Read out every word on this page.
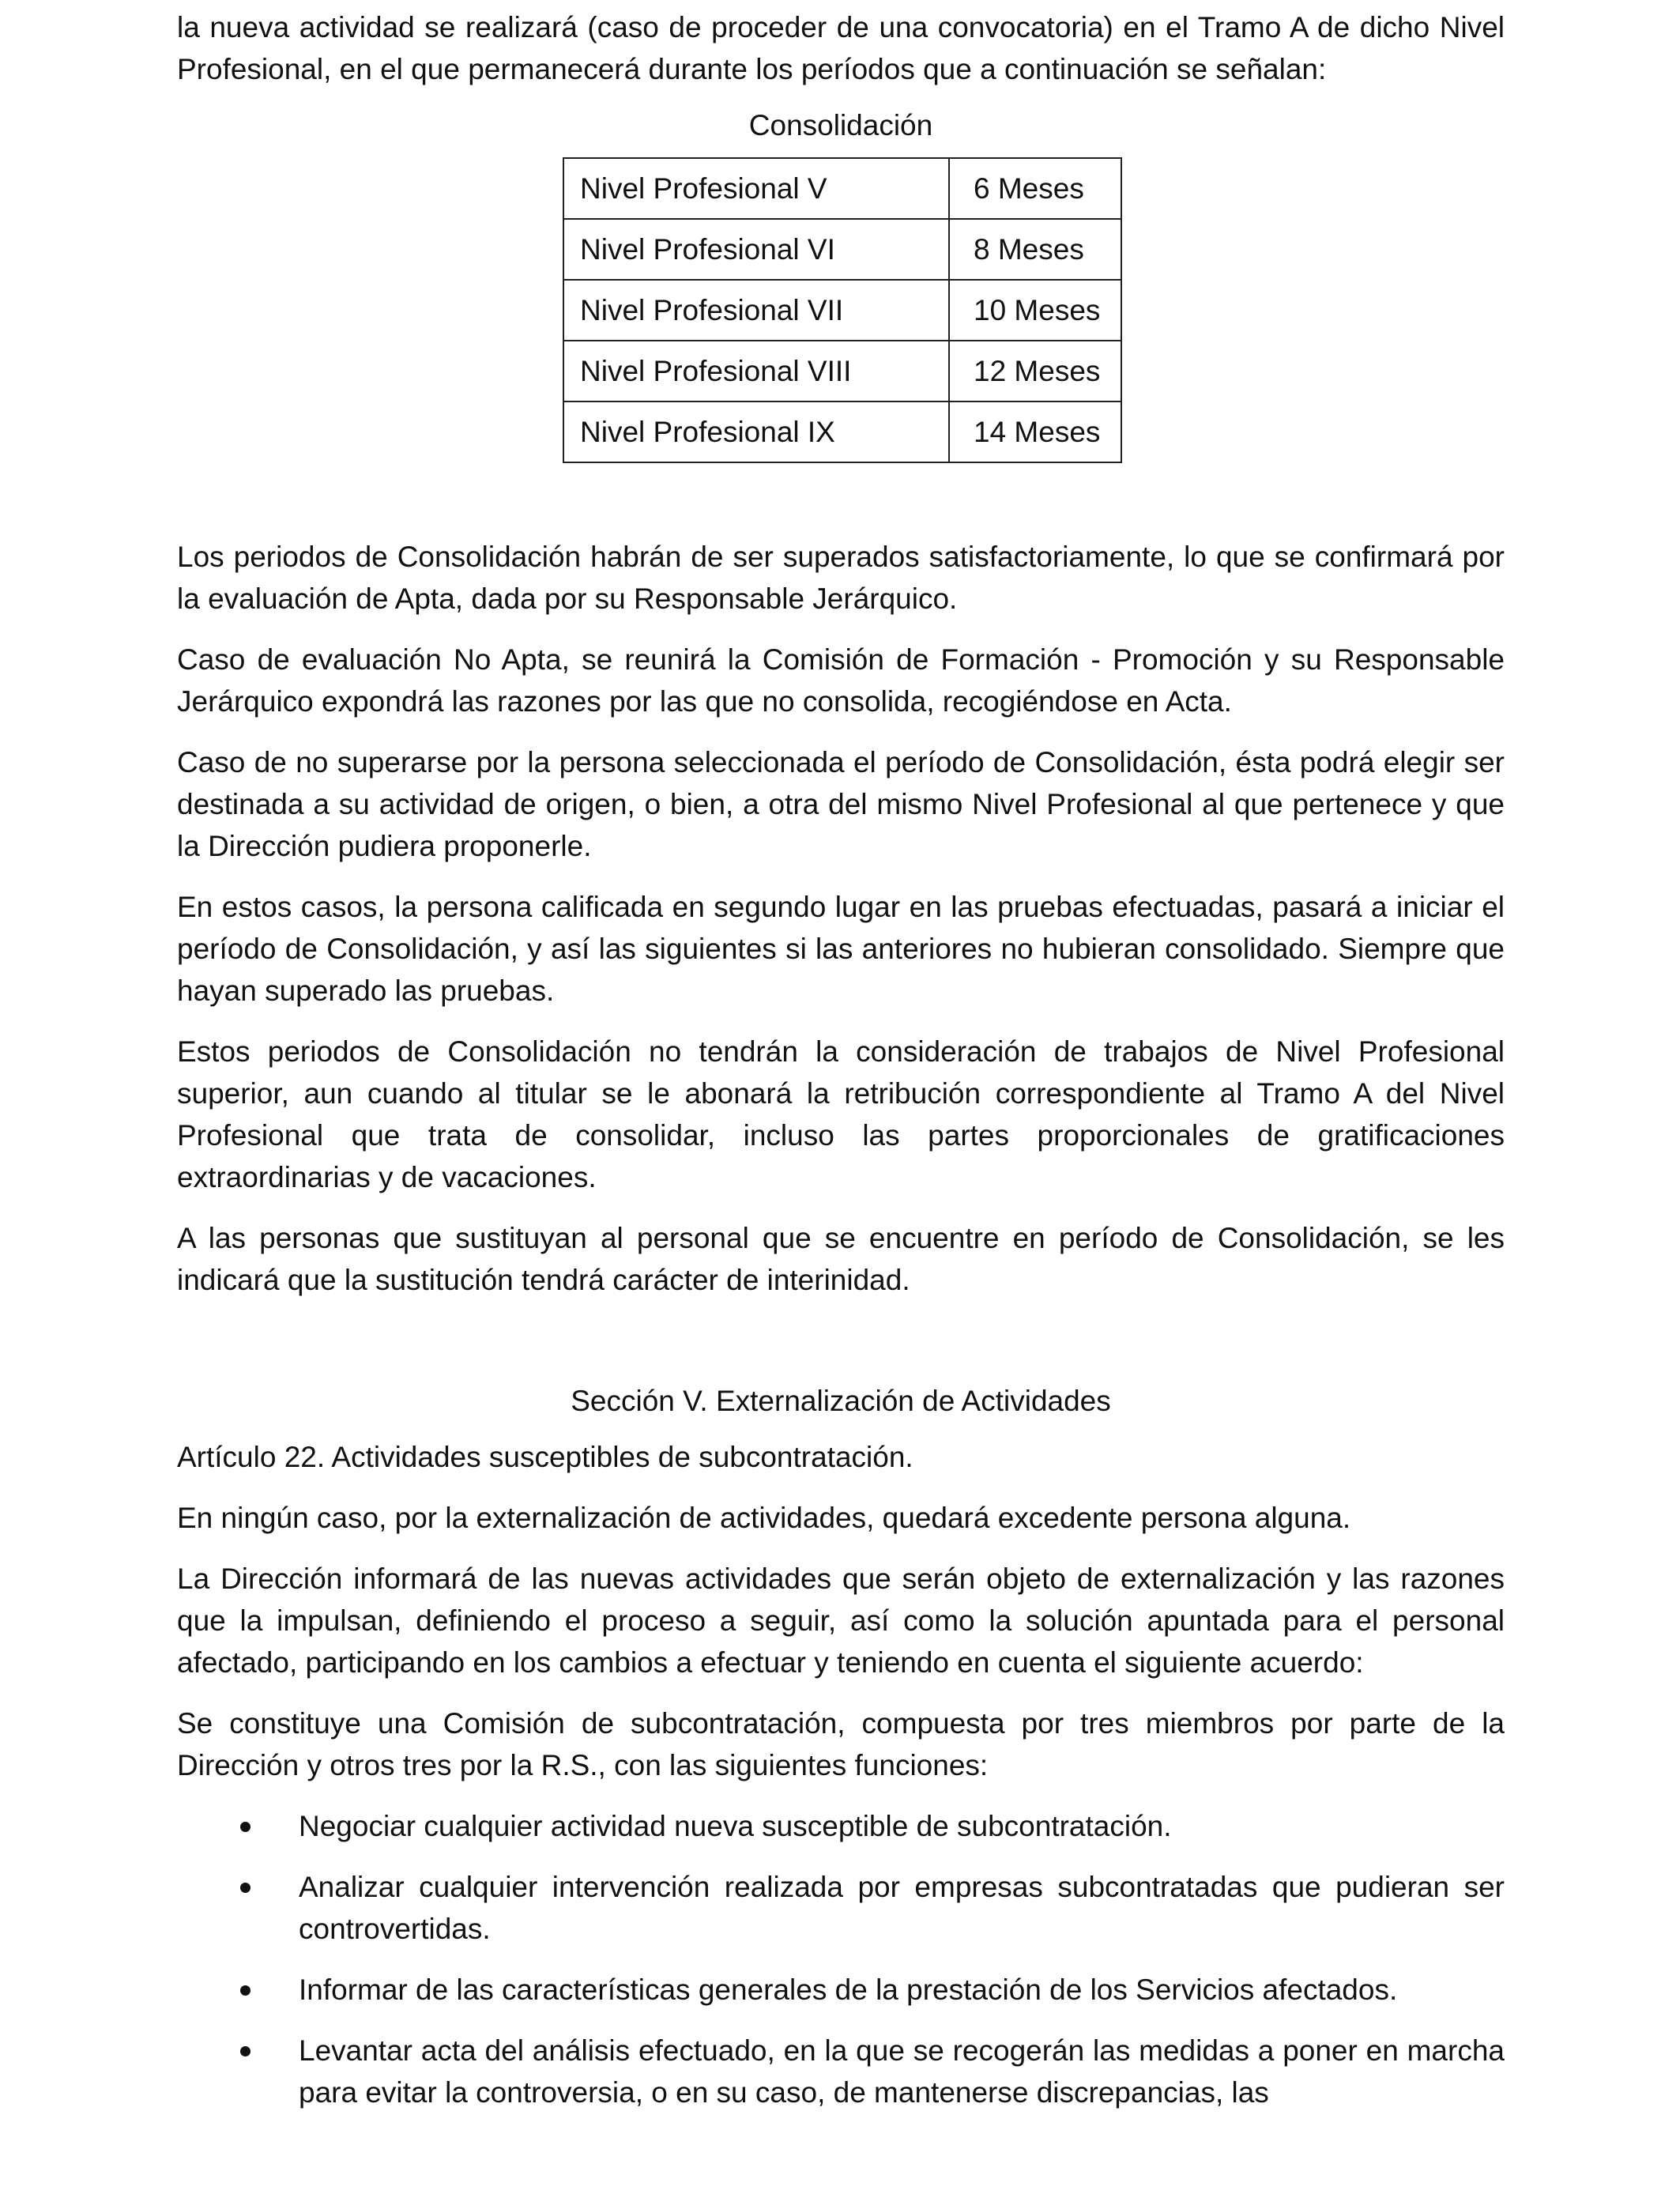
la nueva actividad se realizará (caso de proceder de una convocatoria) en el Tramo A de dicho Nivel Profesional, en el que permanecerá durante los períodos que a continuación se señalan:

Consolidación
Nivel Profesional V	6 Meses
Nivel Profesional VI	8 Meses
Nivel Profesional VII	10 Meses
Nivel Profesional VIII	12 Meses
Nivel Profesional IX	14 Meses

Los periodos de Consolidación habrán de ser superados satisfactoriamente, lo que se confirmará por la evaluación de Apta, dada por su Responsable Jerárquico.

Caso de evaluación No Apta, se reunirá la Comisión de Formación - Promoción y su Responsable Jerárquico expondrá las razones por las que no consolida, recogiéndose en Acta.

Caso de no superarse por la persona seleccionada el período de Consolidación, ésta podrá elegir ser destinada a su actividad de origen, o bien, a otra del mismo Nivel Profesional al que pertenece y que la Dirección pudiera proponerle.

En estos casos, la persona calificada en segundo lugar en las pruebas efectuadas, pasará a iniciar el período de Consolidación, y así las siguientes si las anteriores no hubieran consolidado. Siempre que hayan superado las pruebas.

Estos periodos de Consolidación no tendrán la consideración de trabajos de Nivel Profesional superior, aun cuando al titular se le abonará la retribución correspondiente al Tramo A del Nivel Profesional que trata de consolidar, incluso las partes proporcionales de gratificaciones extraordinarias y de vacaciones.

A las personas que sustituyan al personal que se encuentre en período de Consolidación, se les indicará que la sustitución tendrá carácter de interinidad.

Sección V. Externalización de Actividades

Artículo 22. Actividades susceptibles de subcontratación.

En ningún caso, por la externalización de actividades, quedará excedente persona alguna.

La Dirección informará de las nuevas actividades que serán objeto de externalización y las razones que la impulsan, definiendo el proceso a seguir, así como la solución apuntada para el personal afectado, participando en los cambios a efectuar y teniendo en cuenta el siguiente acuerdo:

Se constituye una Comisión de subcontratación, compuesta por tres miembros por parte de la Dirección y otros tres por la R.S., con las siguientes funciones:

Negociar cualquier actividad nueva susceptible de subcontratación.
Analizar cualquier intervención realizada por empresas subcontratadas que pudieran ser controvertidas.
Informar de las características generales de la prestación de los Servicios afectados.
Levantar acta del análisis efectuado, en la que se recogerán las medidas a poner en marcha para evitar la controversia, o en su caso, de mantenerse discrepancias, las
